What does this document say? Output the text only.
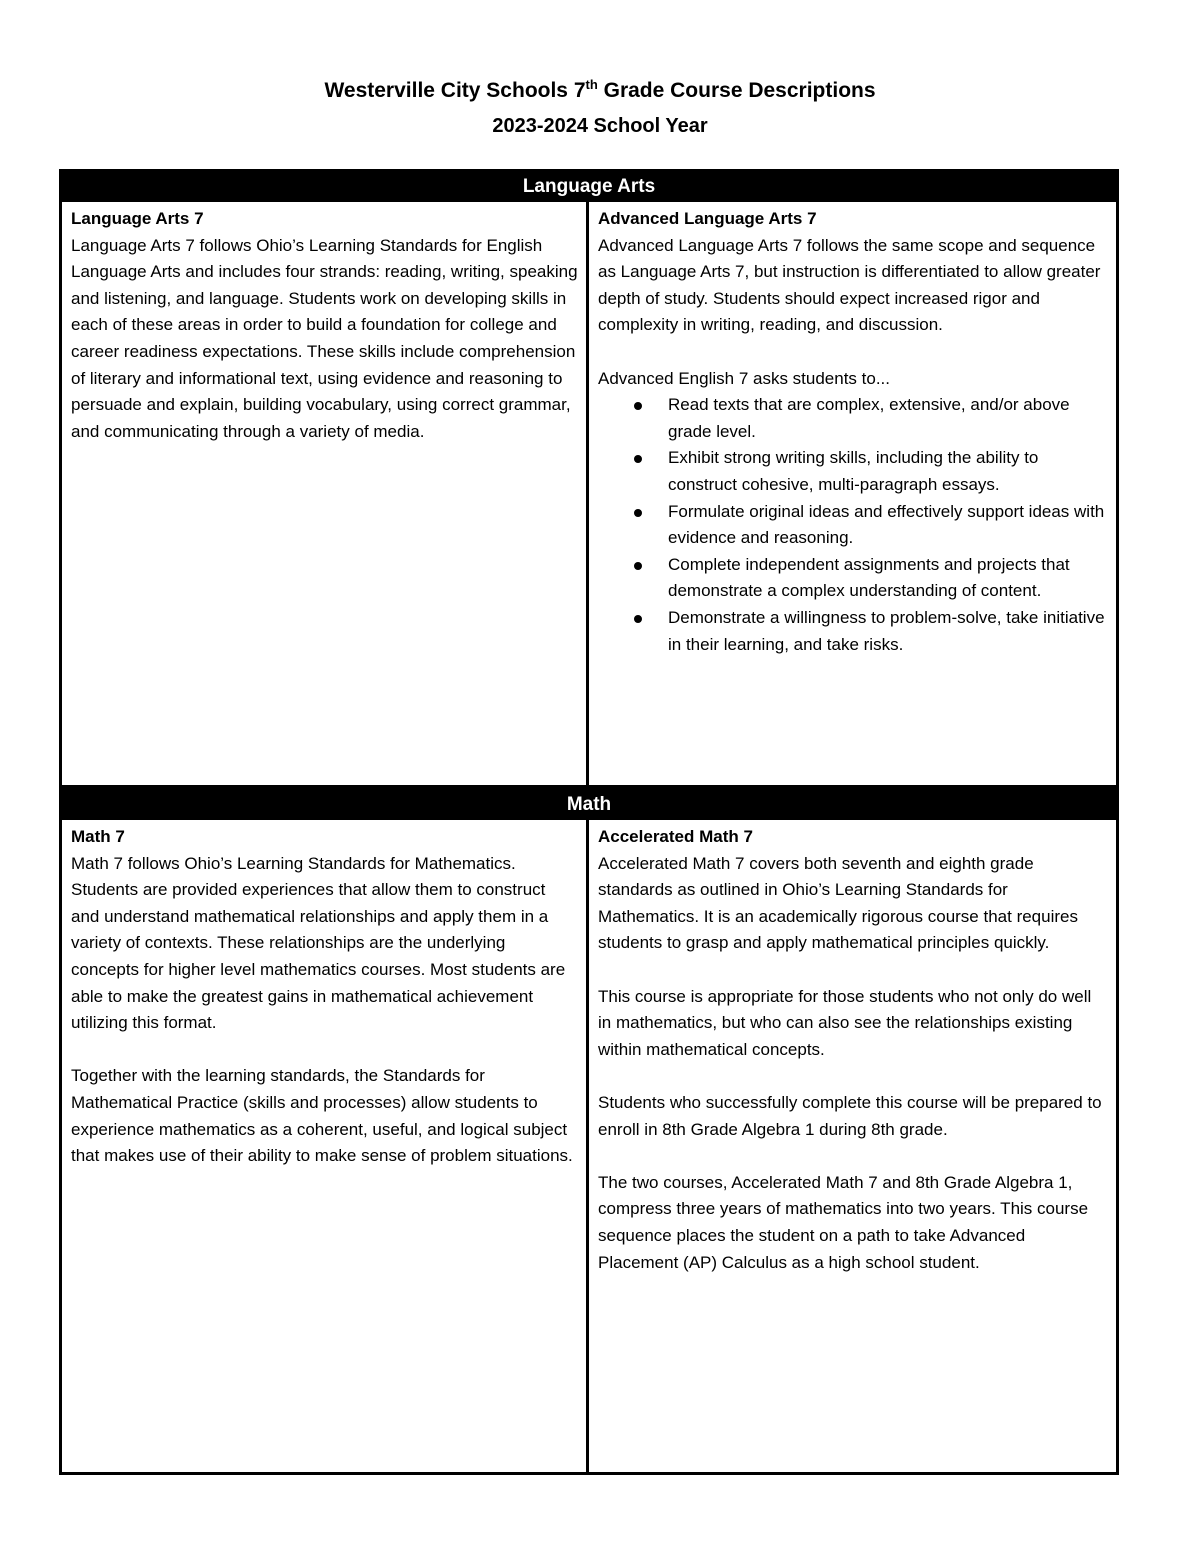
Westerville City Schools 7th Grade Course Descriptions
2023-2024 School Year
Language Arts
Language Arts 7
Language Arts 7 follows Ohio’s Learning Standards for English Language Arts and includes four strands: reading, writing, speaking and listening, and language. Students work on developing skills in each of these areas in order to build a foundation for college and career readiness expectations. These skills include comprehension of literary and informational text, using evidence and reasoning to persuade and explain, building vocabulary, using correct grammar, and communicating through a variety of media.
Advanced Language Arts 7
Advanced Language Arts 7 follows the same scope and sequence as Language Arts 7, but instruction is differentiated to allow greater depth of study. Students should expect increased rigor and complexity in writing, reading, and discussion.
Advanced English 7 asks students to...
Read texts that are complex, extensive, and/or above grade level.
Exhibit strong writing skills, including the ability to construct cohesive, multi-paragraph essays.
Formulate original ideas and effectively support ideas with evidence and reasoning.
Complete independent assignments and projects that demonstrate a complex understanding of content.
Demonstrate a willingness to problem-solve, take initiative in their learning, and take risks.
Math
Math 7
Math 7 follows Ohio’s Learning Standards for Mathematics. Students are provided experiences that allow them to construct and understand mathematical relationships and apply them in a variety of contexts. These relationships are the underlying concepts for higher level mathematics courses. Most students are able to make the greatest gains in mathematical achievement utilizing this format.
Together with the learning standards, the Standards for Mathematical Practice (skills and processes) allow students to experience mathematics as a coherent, useful, and logical subject that makes use of their ability to make sense of problem situations.
Accelerated Math 7
Accelerated Math 7 covers both seventh and eighth grade standards as outlined in Ohio’s Learning Standards for Mathematics. It is an academically rigorous course that requires students to grasp and apply mathematical principles quickly.
This course is appropriate for those students who not only do well in mathematics, but who can also see the relationships existing within mathematical concepts.
Students who successfully complete this course will be prepared to enroll in 8th Grade Algebra 1 during 8th grade.
The two courses, Accelerated Math 7 and 8th Grade Algebra 1, compress three years of mathematics into two years. This course sequence places the student on a path to take Advanced Placement (AP) Calculus as a high school student.
